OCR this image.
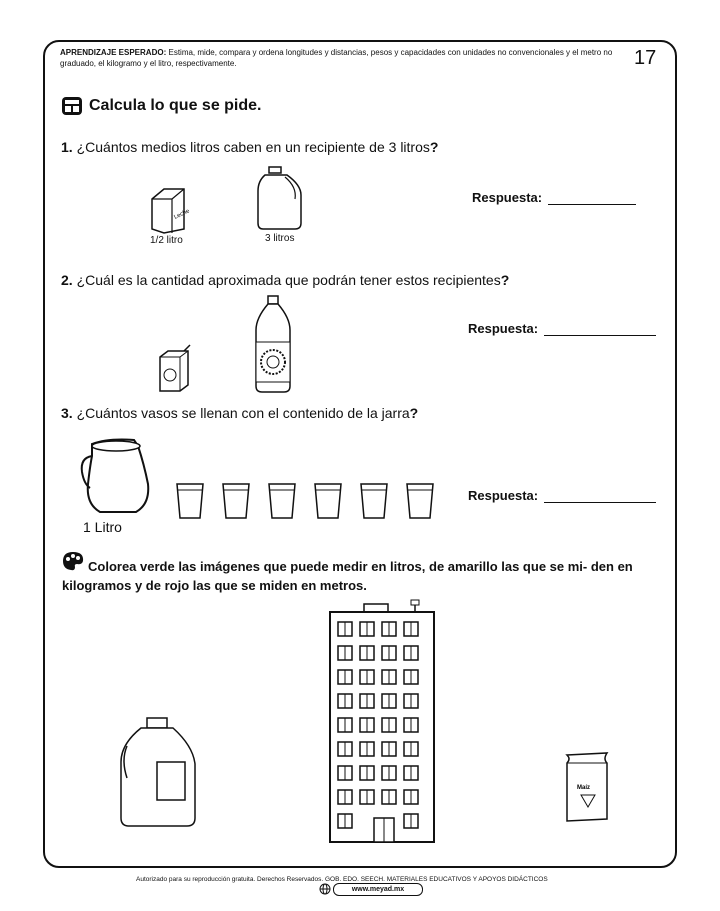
APRENDIZAJE ESPERADO: Estima, mide, compara y ordena longitudes y distancias, pesos y capacidades con unidades no convencionales y el metro no graduado, el kilogramo y el litro, respectivamente.	17
Calcula lo que se pide.
1. ¿Cuántos medios litros caben en un recipiente de 3 litros?
Leche
1/2 litro	3 litros
Respuesta:
2. ¿Cuál es la cantidad aproximada que podrán tener estos recipientes?
Respuesta:
3. ¿Cuántos vasos se llenan con el contenido de la jarra?
1 Litro
Respuesta:
Colorea verde las imágenes que puede medir en litros, de amarillo las que se mi- den en kilogramos y de rojo las que se miden en metros.
Maíz
Autorizado para su reproducción gratuita. Derechos Reservados. GOB. EDO. SEECH. MATERIALES EDUCATIVOS Y APOYOS DIDÁCTICOS
www.meyad.mx
